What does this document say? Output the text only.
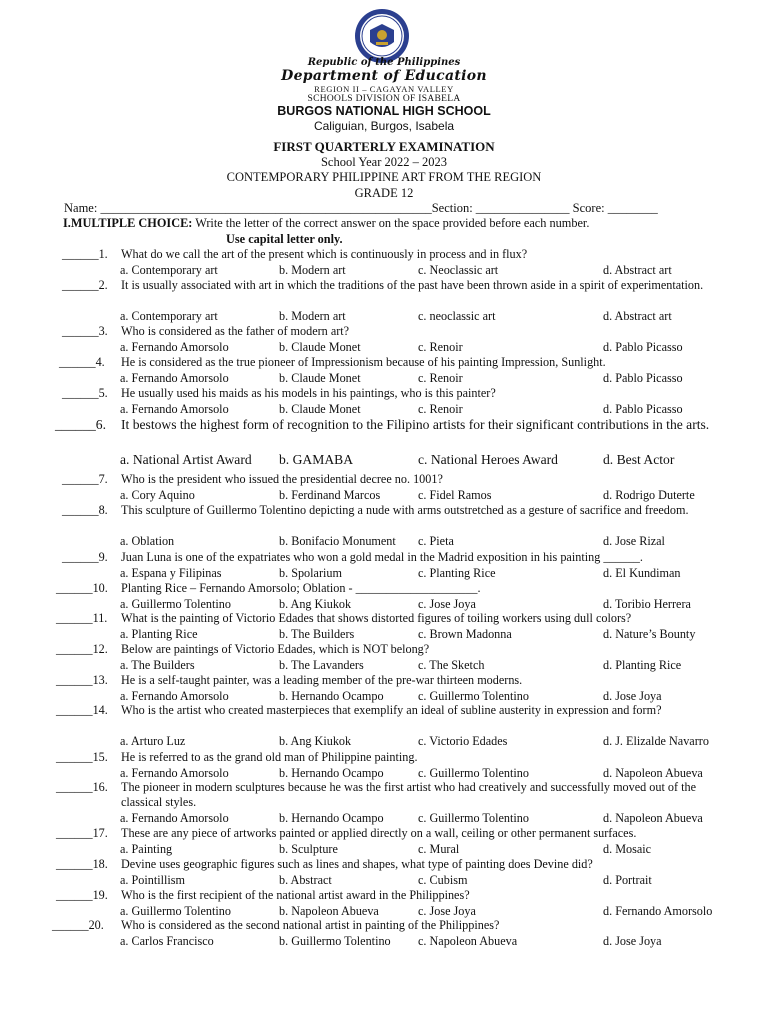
Republic of the Philippines
Department of Education
REGION II – CAGAYAN VALLEY
SCHOOLS DIVISION OF ISABELA
BURGOS NATIONAL HIGH SCHOOL
Caliguian, Burgos, Isabela
FIRST QUARTERLY EXAMINATION
School Year 2022 – 2023
CONTEMPORARY PHILIPPINE ART FROM THE REGION
GRADE 12
Name: _____________________________________________________Section: _______________ Score: ________
I.MULTIPLE CHOICE: Write the letter of the correct answer on the space provided before each number.
Use capital letter only.
______1. What do we call the art of the present which is continuously in process and in flux?
a. Contemporary art	b. Modern art	c. Neoclassic art	d. Abstract art
______2. It is usually associated with art in which the traditions of the past have been thrown aside in a spirit of experimentation.
a. Contemporary art	b. Modern art	c. neoclassic art	d. Abstract art
______3. Who is considered as the father of modern art?
a. Fernando Amorsolo	b. Claude Monet	c. Renoir	d. Pablo Picasso
______4. He is considered as the true pioneer of Impressionism because of his painting Impression, Sunlight.
a. Fernando Amorsolo	b. Claude Monet	c. Renoir	d. Pablo Picasso
______5. He usually used his maids as his models in his paintings, who is this painter?
a. Fernando Amorsolo	b. Claude Monet	c. Renoir	d. Pablo Picasso
______6. It bestows the highest form of recognition to the Filipino artists for their significant contributions in the arts.
a. National Artist Award b. GAMABA	c. National Heroes Award	d. Best Actor
______7. Who is the president who issued the presidential decree no. 1001?
a. Cory Aquino	b. Ferdinand Marcos	c. Fidel Ramos	d. Rodrigo Duterte
______8. This sculpture of Guillermo Tolentino depicting a nude with arms outstretched as a gesture of sacrifice and freedom.
a. Oblation	b. Bonifacio Monument c. Pieta	d. Jose Rizal
______9. Juan Luna is one of the expatriates who won a gold medal in the Madrid exposition in his painting ______.
a. Espana y Filipinas	b. Spolarium	c. Planting Rice	d. El Kundiman
______10. Planting Rice – Fernando Amorsolo; Oblation - ____________________.
a. Guillermo Tolentino	b. Ang Kiukok	c. Jose Joya	d. Toribio Herrera
______11. What is the painting of Victorio Edades that shows distorted figures of toiling workers using dull colors?
a. Planting Rice	b. The Builders	c. Brown Madonna	d. Nature’s Bounty
______12. Below are paintings of Victorio Edades, which is NOT belong?
a. The Builders	b. The Lavanders	c. The Sketch	d. Planting Rice
______13. He is a self-taught painter, was a leading member of the pre-war thirteen moderns.
a. Fernando Amorsolo	b. Hernando Ocampo	c. Guillermo Tolentino	d. Jose Joya
______14. Who is the artist who created masterpieces that exemplify an ideal of subline austerity in expression and form?
a. Arturo Luz	b. Ang Kiukok	c. Victorio Edades	d. J. Elizalde Navarro
______15. He is referred to as the grand old man of Philippine painting.
a. Fernando Amorsolo	b. Hernando Ocampo	c. Guillermo Tolentino	d. Napoleon Abueva
______16. The pioneer in modern sculptures because he was the first artist who had creatively and successfully moved out of the classical styles.
a. Fernando Amorsolo	b. Hernando Ocampo	c. Guillermo Tolentino	d. Napoleon Abueva
______17. These are any piece of artworks painted or applied directly on a wall, ceiling or other permanent surfaces.
a. Painting	b. Sculpture	c. Mural	d. Mosaic
______18. Devine uses geographic figures such as lines and shapes, what type of painting does Devine did?
a. Pointillism	b. Abstract	c. Cubism	d. Portrait
______19. Who is the first recipient of the national artist award in the Philippines?
a. Guillermo Tolentino	b. Napoleon Abueva	c. Jose Joya	d. Fernando Amorsolo
______20. Who is considered as the second national artist in painting of the Philippines?
a. Carlos Francisco	b. Guillermo Tolentino c. Napoleon Abueva	d. Jose Joya
